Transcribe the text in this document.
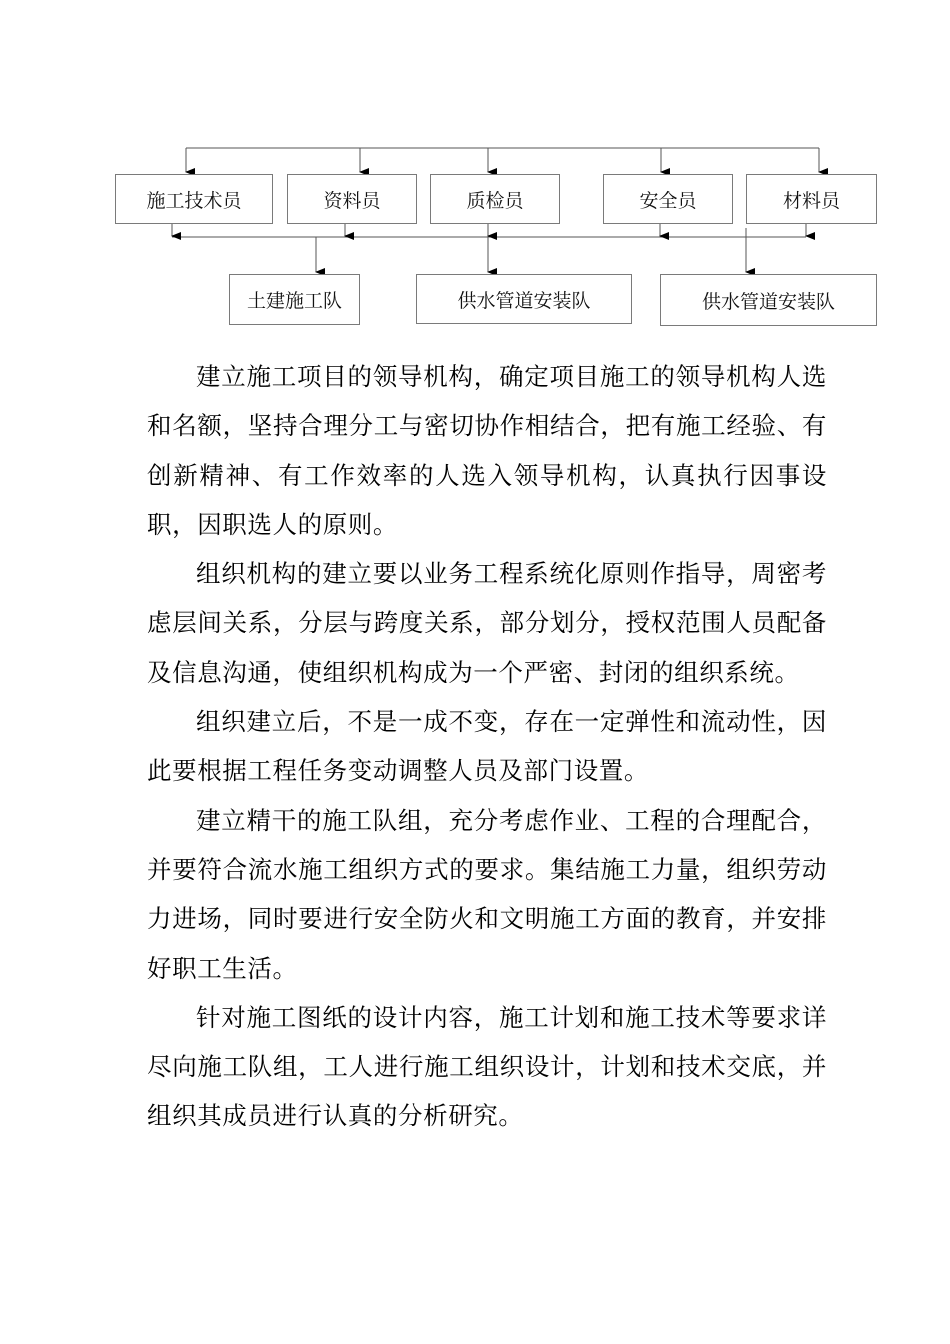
施工技术员	资料员	质检员	安全员	材料员
土建施工队	供水管道安装队	供水管道安装队

建立施工项目的领导机构，确定项目施工的领导机构人选和名额，坚持合理分工与密切协作相结合，把有施工经验、有创新精神、有工作效率的人选入领导机构，认真执行因事设职，因职选人的原则。

组织机构的建立要以业务工程系统化原则作指导，周密考虑层间关系，分层与跨度关系，部分划分，授权范围人员配备及信息沟通，使组织机构成为一个严密、封闭的组织系统。

组织建立后，不是一成不变，存在一定弹性和流动性，因此要根据工程任务变动调整人员及部门设置。

建立精干的施工队组，充分考虑作业、工程的合理配合，并要符合流水施工组织方式的要求。集结施工力量，组织劳动力进场，同时要进行安全防火和文明施工方面的教育，并安排好职工生活。

针对施工图纸的设计内容，施工计划和施工技术等要求详尽向施工队组，工人进行施工组织设计，计划和技术交底，并组织其成员进行认真的分析研究。
